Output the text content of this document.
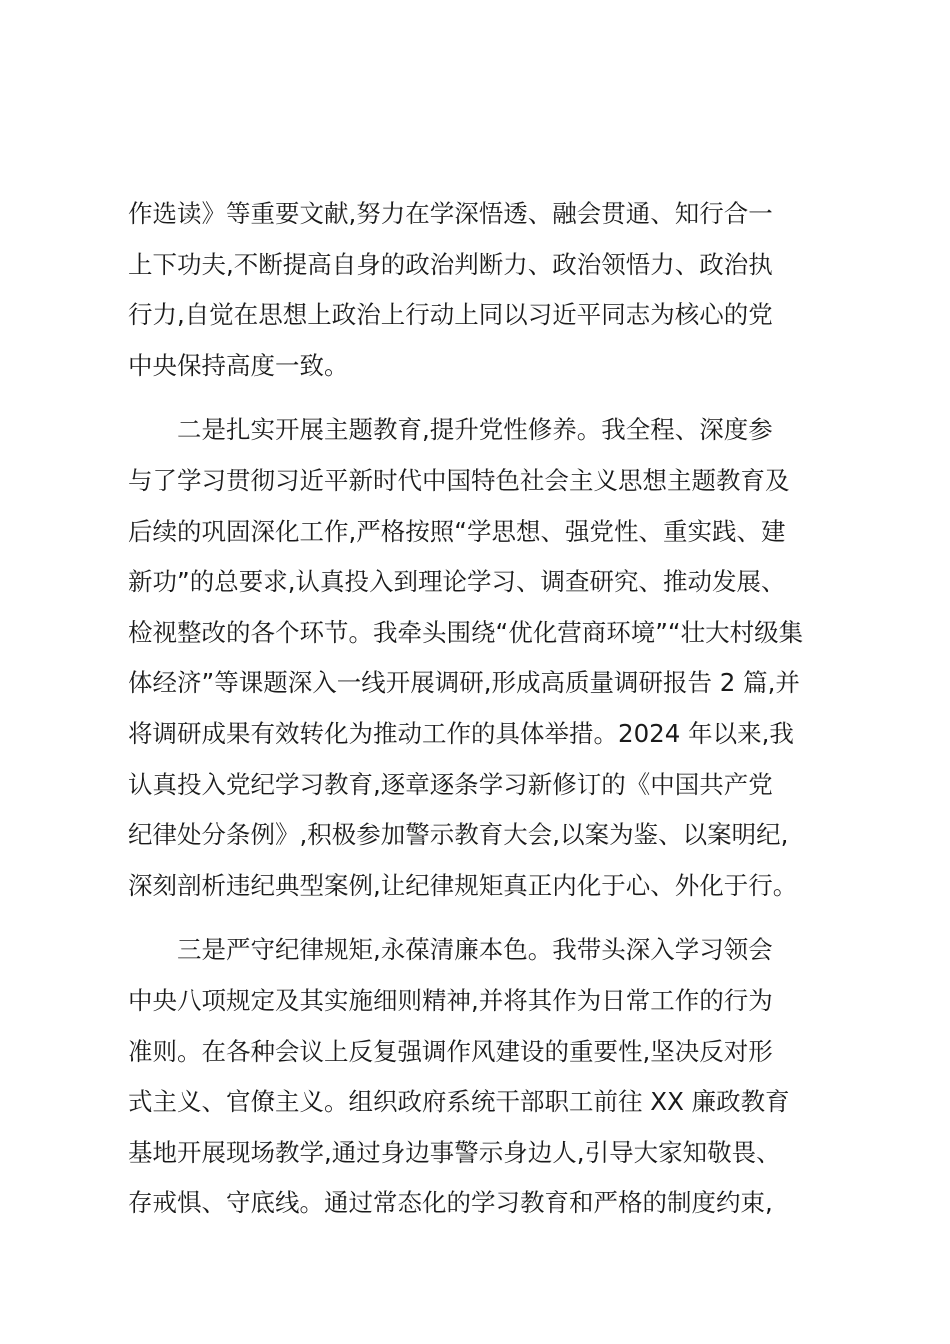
作选读》等重要文献,努力在学深悟透、融会贯通、知行合一
上下功夫,不断提高自身的政治判断力、政治领悟力、政治执
行力,自觉在思想上政治上行动上同以习近平同志为核心的党
中央保持高度一致。
二是扎实开展主题教育,提升党性修养。我全程、深度参
与了学习贯彻习近平新时代中国特色社会主义思想主题教育及
后续的巩固深化工作,严格按照“学思想、强党性、重实践、建
新功”的总要求,认真投入到理论学习、调查研究、推动发展、
检视整改的各个环节。我牵头围绕“优化营商环境”“壮大村级集
体经济”等课题深入一线开展调研,形成高质量调研报告 2 篇,并
将调研成果有效转化为推动工作的具体举措。2024 年以来,我
认真投入党纪学习教育,逐章逐条学习新修订的《中国共产党
纪律处分条例》,积极参加警示教育大会,以案为鉴、以案明纪,
深刻剖析违纪典型案例,让纪律规矩真正内化于心、外化于行。
三是严守纪律规矩,永葆清廉本色。我带头深入学习领会
中央八项规定及其实施细则精神,并将其作为日常工作的行为
准则。在各种会议上反复强调作风建设的重要性,坚决反对形
式主义、官僚主义。组织政府系统干部职工前往 XX 廉政教育
基地开展现场教学,通过身边事警示身边人,引导大家知敬畏、
存戒惧、守底线。通过常态化的学习教育和严格的制度约束,
